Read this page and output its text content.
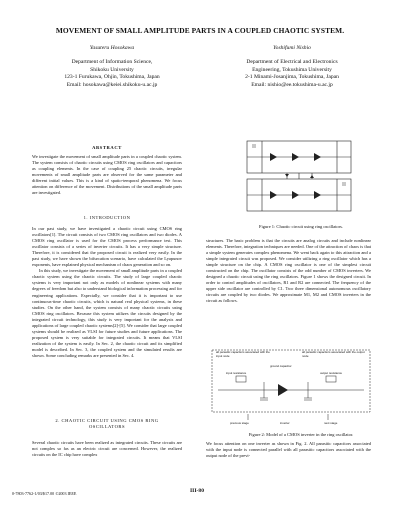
MOVEMENT OF SMALL AMPLITUDE PARTS IN A COUPLED CHAOTIC SYSTEM.
Yasuteru Hosokawa
Department of Information Science,
Shikoku University
123-1 Furukawa, Ohjin, Tokushima, Japan
Email: hosokawa@keiei.shikoku-u.ac.jp
Yoshifumi Nishio
Department of Electrical and Electronics
Engineering, Tokushima University
2-1 Minami-Josanjima, Tokushima, Japan
Email: nishio@ee.tokushima-u.ac.jp
ABSTRACT

We investigate the movement of small amplitude parts in a coupled chaotic system. The system consists of chaotic circuits using CMOS ring oscillators and capacitors as coupling elements. In the case of coupling 25 chaotic circuits, irregular movements of small amplitude parts are observed for the same parameter and different initial values. This is a kind of spatio-temporal phenomena. We focus attention on difference of the movement. Distributions of the small amplitude parts are investigated.

1. INTRODUCTION

In our past study, we have investigated a chaotic circuit using CMOS ring oscillators[1]. The circuit consists of two CMOS ring oscillators and two diodes. A CMOS ring oscillator is used for the CMOS process performance test. This oscillator consists of a series of inverter circuits. It has a very simple structure. Therefore, it is considered that the proposed circuit is realized very easily. In the past study, we have shown the bifurcation scenario, have calculated the Lyapunov exponents, have explained physical mechanism of chaos generation and so on.

In this study, we investigate the movement of small amplitude parts in a coupled chaotic system using the chaotic circuits. The study of large coupled chaotic systems is very important not only as models of nonlinear systems with many degrees of freedom but also to understand biological information processing and for engineering applications. Especially, we consider that it is important to use continuous-time chaotic circuits, which is natural real physical systems, in these studies. On the other hand, the system consists of many chaotic circuits using CMOS ring oscillators. Because this system utilizes the circuits designed by the integrated circuit technology, this study is very important for the analysis and applications of large coupled chaotic systems[2]-[5]. We consider that large coupled systems should be realized as VLSI for future studies and future applications. The proposed system is very suitable for integrated circuits. It means that VLSI realization of the system is easily. In Sec. 2, the chaotic circuit and its simplified model is described. In Sec. 3, the coupled system and the simulated results are shown. Some concluding remarks are presented in Sec. 4.

2. CHAOTIC CIRCUIT USING CMOS RING
OSCILLATORS

Several chaotic circuits have been realized as integrated circuits. These circuits are not complex so fas as an electric circuit are concerned. However, the realized circuits on the IC chip have complex

Figure 1: Chaotic circuit using ring oscillators.

structures. The basic problem is that the circuits are analog circuits and include nonlinear elements. Therefore, integration techniques are needed. One of the attraction of chaos is that a simple system generates complex phenomena. We went back again to this attraction and a simple integrated circuit was proposed. We consider utilizing a ring oscillator which has a simple structure on the chip. A CMOS ring oscillator is one of the simplest circuit constructed on the chip. The oscillator consists of the odd number of CMOS inverters. We designed a chaotic circuit using the ring oscillators. Figure 1 shows the designed circuit. In order to control amplitudes of oscillators, R1 and R2 are connected. The frequency of the upper side oscillator are controlled by C1. Two three dimensional autonomous oscillatory circuits are coupled by two diodes. We approximate M1, M2 and CMOS inverters in the circuit as follows.

all parasitic capacitors associated with the input node
all parasitic capacitors associated with the output node
ground capacitor
input resistance	output resistance
previous stage	inverter	next stage
Figure 2: Model of a CMOS inverter in the ring oscillator.

We focus attention on one inverter as shown in Fig. 2. All parasitic capacitors associated with the input node is connected parallel with all parasitic capacitors associated with the output node of the previ-

0-7803-7762-1/03/$17.00 ©2003 IEEE	III-80
